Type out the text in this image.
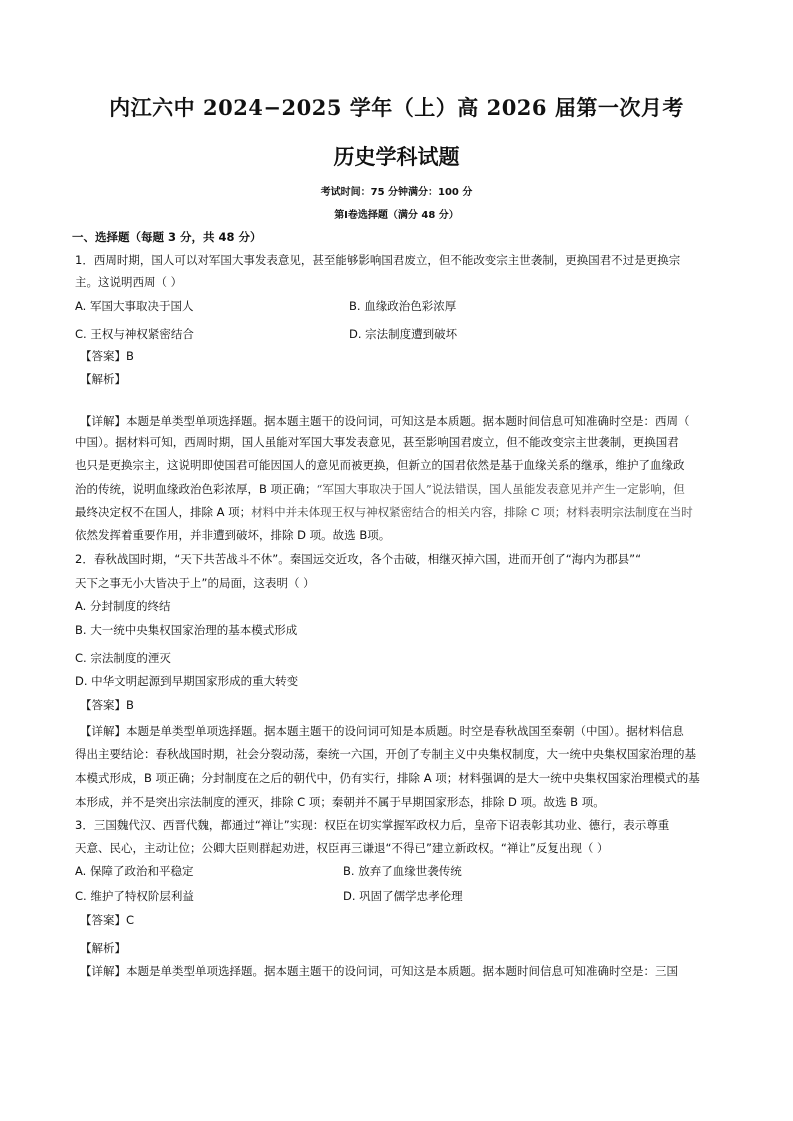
内江六中 2024−2025 学年（上）高 2026 届第一次月考
历史学科试题
考试时间：75 分钟满分：100 分
第Ⅰ卷选择题（满分 48 分）
一、选择题（每题 3 分，共 48 分）
1．西周时期，国人可以对军国大事发表意见，甚至能够影响国君废立，但不能改变宗主世袭制，更换国君不过是更换宗
主。这说明西周（ ）
A. 军国大事取决于国人	B. 血缘政治色彩浓厚
C. 王权与神权紧密结合	D. 宗法制度遭到破坏
【答案】B
【解析】
【详解】本题是单类型单项选择题。据本题主题干的设问词，可知这是本质题。据本题时间信息可知准确时空是：西周（
中国）。据材料可知，西周时期，国人虽能对军国大事发表意见，甚至影响国君废立，但不能改变宗主世袭制，更换国君
也只是更换宗主，这说明即使国君可能因国人的意见而被更换，但新立的国君依然是基于血缘关系的继承，维护了血缘政
治的传统，说明血缘政治色彩浓厚，B 项正确；“军国大事取决于国人”说法错误，国人虽能发表意见并产生一定影响，但
最终决定权不在国人，排除 A 项；材料中并未体现王权与神权紧密结合的相关内容，排除 C 项；材料表明宗法制度在当时
依然发挥着重要作用，并非遭到破坏，排除 D 项。故选 B项。
2．春秋战国时期，“天下共苦战斗不休”。秦国远交近攻，各个击破，相继灭掉六国，进而开创了“海内为郡县”“
天下之事无小大皆决于上”的局面，这表明（ ）
A. 分封制度的终结
B. 大一统中央集权国家治理的基本模式形成
C. 宗法制度的湮灭
D. 中华文明起源到早期国家形成的重大转变
【答案】B
【详解】本题是单类型单项选择题。据本题主题干的设问词可知是本质题。时空是春秋战国至秦朝（中国）。据材料信息
得出主要结论：春秋战国时期，社会分裂动荡，秦统一六国，开创了专制主义中央集权制度，大一统中央集权国家治理的基
本模式形成，B 项正确；分封制度在之后的朝代中，仍有实行，排除 A 项；材料强调的是大一统中央集权国家治理模式的基
本形成，并不是突出宗法制度的湮灭，排除 C 项；秦朝并不属于早期国家形态，排除 D 项。故选 B 项。
3．三国魏代汉、西晋代魏，都通过“禅让”实现：权臣在切实掌握军政权力后，皇帝下诏表彰其功业、德行，表示尊重
天意、民心，主动让位；公卿大臣则群起劝进，权臣再三谦退“不得已”建立新政权。“禅让”反复出现（ ）
A. 保障了政治和平稳定	B. 放弃了血缘世袭传统
C. 维护了特权阶层利益	D. 巩固了儒学忠孝伦理
【答案】C
【解析】
【详解】本题是单类型单项选择题。据本题主题干的设问词，可知这是本质题。据本题时间信息可知准确时空是：三国
